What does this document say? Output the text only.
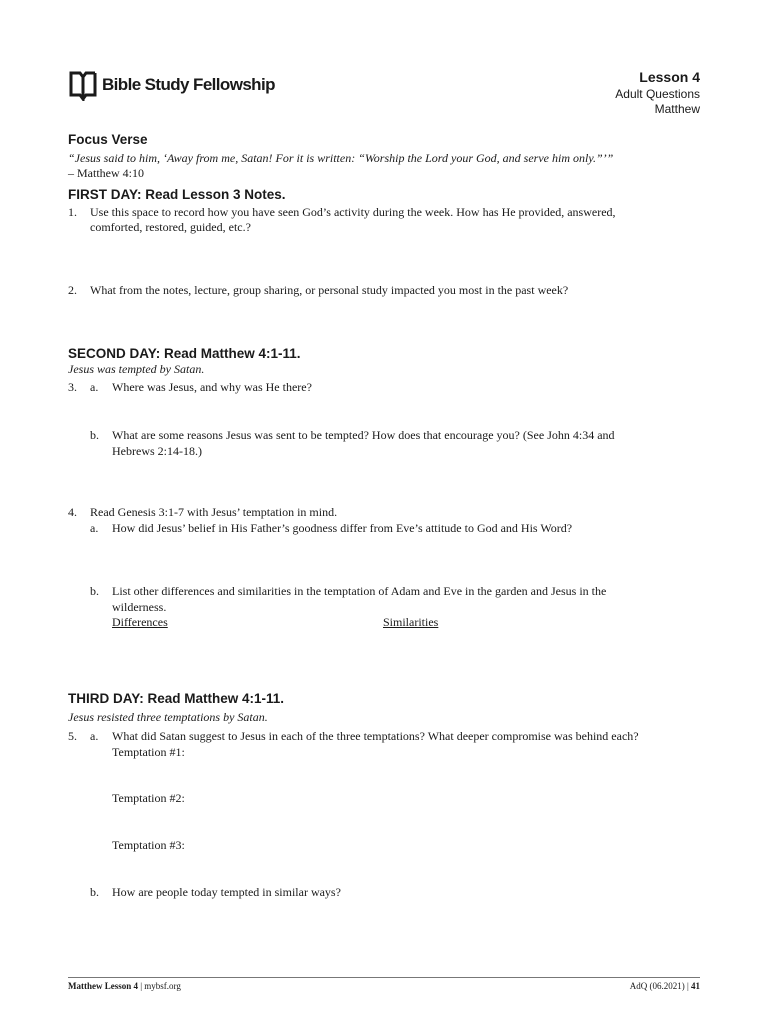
Bible Study Fellowship	Lesson 4
Adult Questions
Matthew
Focus Verse
“Jesus said to him, ‘Away from me, Satan! For it is written: “Worship the Lord your God, and serve him only.”’”
– Matthew 4:10
FIRST DAY: Read Lesson 3 Notes.
1. Use this space to record how you have seen God’s activity during the week. How has He provided, answered,
comforted, restored, guided, etc.?
2. What from the notes, lecture, group sharing, or personal study impacted you most in the past week?
SECOND DAY: Read Matthew 4:1-11.
Jesus was tempted by Satan.
3. a. Where was Jesus, and why was He there?
b. What are some reasons Jesus was sent to be tempted? How does that encourage you? (See John 4:34 and
Hebrews 2:14-18.)
4. Read Genesis 3:1-7 with Jesus’ temptation in mind.
a. How did Jesus’ belief in His Father’s goodness differ from Eve’s attitude to God and His Word?
b. List other differences and similarities in the temptation of Adam and Eve in the garden and Jesus in the
wilderness.
Differences	Similarities
THIRD DAY: Read Matthew 4:1-11.
Jesus resisted three temptations by Satan.
5. a. What did Satan suggest to Jesus in each of the three temptations? What deeper compromise was behind each?
Temptation #1:
Temptation #2:
Temptation #3:
b. How are people today tempted in similar ways?
Matthew Lesson 4 | mybsf.org	AdQ (06.2021) | 41
